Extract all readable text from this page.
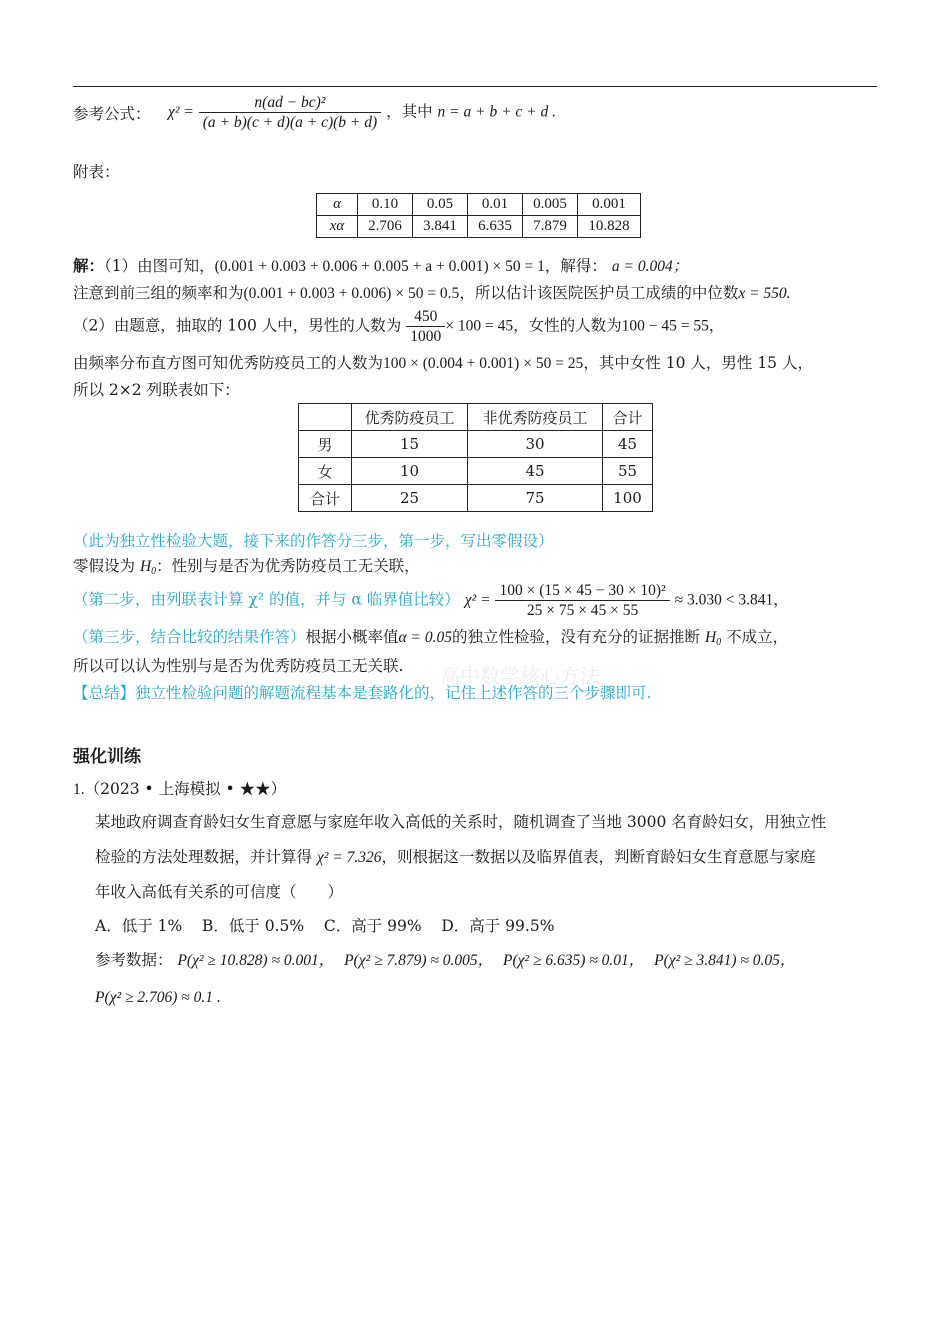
参考公式： $\chi^2 = \frac{\text{n(ad − bc)²}}{(a + b)(c + d)(a + c)(b + d)}$ ，其中 n = a + b + c + d .
附表：
α	0.10	0.05	0.01	0.005	0.001
xα	2.706	3.841	6.635	7.879	10.828
解：（1）由图可知，(0.001 + 0.003 + 0.006 + 0.005 + a + 0.001) × 50 = 1，解得： a = 0.004；
注意到前三组的频率和为(0.001 + 0.003 + 0.006) × 50 = 0.5，所以估计该医院医护员工成绩的中位数x = 550.
（2）由题意，抽取的 100 人中，男性的人数为 $\frac{450}{1000} \times 100 = 45$，女性的人数为100 − 45 = 55，
由频率分布直方图可知优秀防疫员工的人数为100 × (0.004 + 0.001) × 50 = 25，其中女性 10 人，男性 15 人，
所以 2×2 列联表如下：
	优秀防疫员工	非优秀防疫员工	合计
男	15	30	45
女	10	45	55
合计	25	75	100
（此为独立性检验大题，接下来的作答分三步，第一步，写出零假设）
零假设为 $H_0$：性别与是否为优秀防疫员工无关联，
（第二步，由列联表计算 χ² 的值，并与 α 临界值比较） $\chi^2 = \frac{\text{100 × (15 × 45 − 30 × 10)²}}{25 \times 75 \times 45 \times 55} \approx 3.030 < 3.841$，
（第三步，结合比较的结果作答）根据小概率值α = 0.05的独立性检验，没有充分的证据推断 $H_0$ 不成立，
所以可以认为性别与是否为优秀防疫员工无关联. 高中数学核心方法
【总结】独立性检验问题的解题流程基本是套路化的，记住上述作答的三个步骤即可.
强化训练
1.（2023 • 上海模拟 • ★★）
某地政府调查育龄妇女生育意愿与家庭年收入高低的关系时，随机调查了当地 3000 名育龄妇女，用独立性
检验的方法处理数据，并计算得 χ² = 7.326，则根据这一数据以及临界值表，判断育龄妇女生育意愿与家庭
年收入高低有关系的可信度（　　）
A．低于 1% B．低于 0.5% C．高于 99% D．高于 99.5%
参考数据： P(χ² ≥ 10.828) ≈ 0.001， P(χ² ≥ 7.879) ≈ 0.005， P(χ² ≥ 6.635) ≈ 0.01， P(χ² ≥ 3.841) ≈ 0.05，
P(χ² ≥ 2.706) ≈ 0.1 .
